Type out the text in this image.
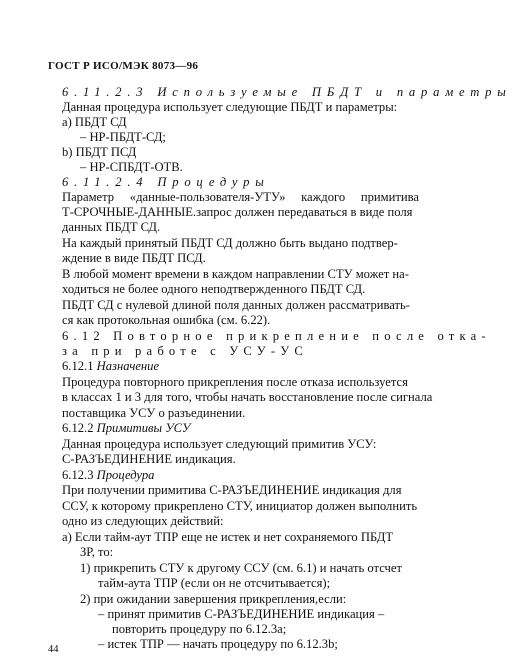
ГОСТ Р ИСО/МЭК 8073—96
6.11.2.3 Используемые ПБДТ и параметры
Данная процедура использует следующие ПБДТ и параметры:
а) ПБДТ СД
– НР-ПБДТ-СД;
b) ПБДТ ПСД
– НР-СПБДТ-ОТВ.
6.11.2.4 Процедуры
Параметр «данные-пользователя-УТУ» каждого примитива
Т-СРОЧНЫЕ-ДАННЫЕ.запрос должен передаваться в виде поля
данных ПБДТ СД.
На каждый принятый ПБДТ СД должно быть выдано подтвер-
ждение в виде ПБДТ ПСД.
В любой момент времени в каждом направлении СТУ может на-
ходиться не более одного неподтвержденного ПБДТ СД.
ПБДТ СД с нулевой длиной поля данных должен рассматривать-
ся как протокольная ошибка (см. 6.22).
6.12 Повторное прикрепление после отка-
за при работе с УСУ-УС
6.12.1 Назначение
Процедура повторного прикрепления после отказа используется
в классах 1 и 3 для того, чтобы начать восстановление после сигнала
поставщика УСУ о разъединении.
6.12.2 Примитивы УСУ
Данная процедура использует следующий примитив УСУ:
С-РАЗЪЕДИНЕНИЕ индикация.
6.12.3 Процедура
При получении примитива С-РАЗЪЕДИНЕНИЕ индикация для
ССУ, к которому прикреплено СТУ, инициатор должен выполнить
одно из следующих действий:
а) Если тайм-аут ТПР еще не истек и нет сохраняемого ПБДТ
ЗР, то:
1) прикрепить СТУ к другому ССУ (см. 6.1) и начать отсчет
тайм-аута ТПР (если он не отсчитывается);
2) при ожидании завершения прикрепления,если:
– принят примитив С-РАЗЪЕДИНЕНИЕ индикация –
повторить процедуру по 6.12.3а;
– истек ТПР — начать процедуру по 6.12.3b;
44
